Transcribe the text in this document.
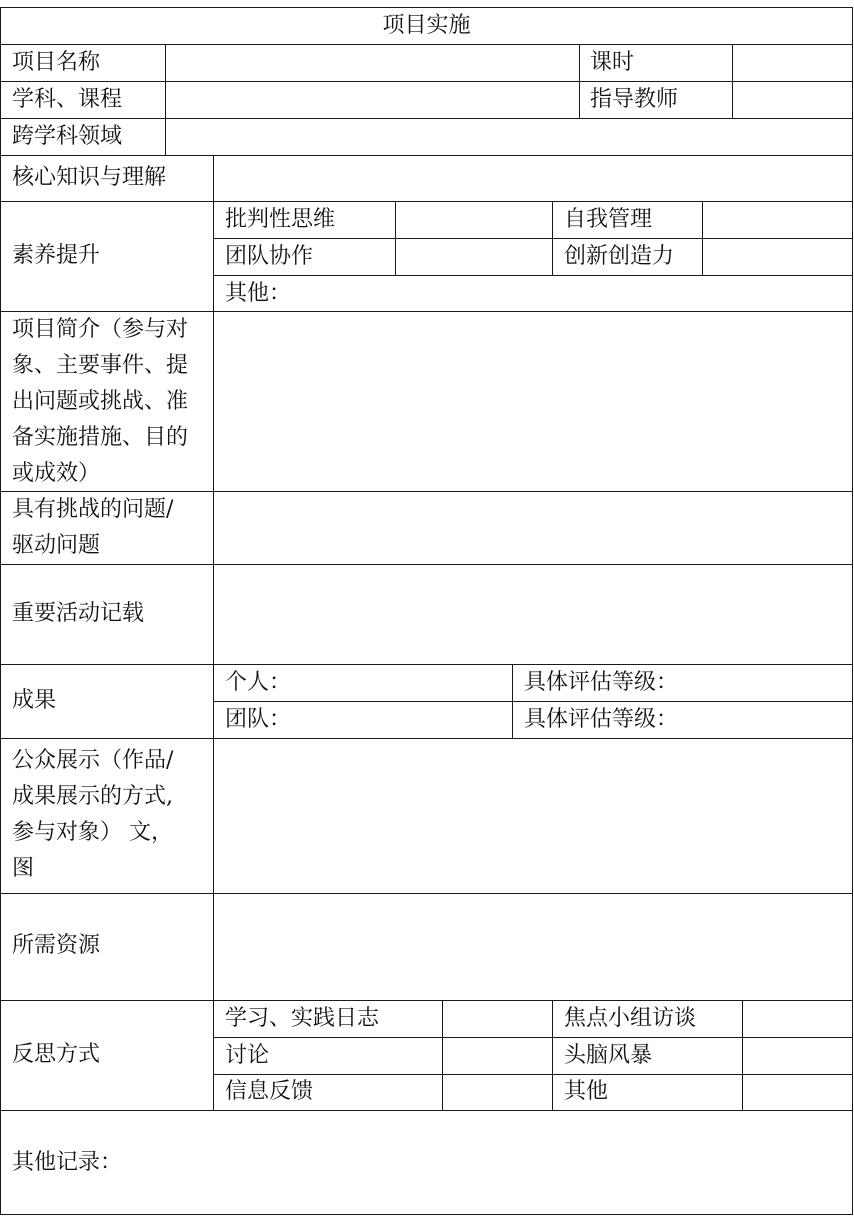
项目实施
项目名称	课时
学科、课程	指导教师
跨学科领域
核心知识与理解
素养提升
批判性思维	自我管理
团队协作	创新创造力
其他：
项目简介（参与对
象、主要事件、提
出问题或挑战、准
备实施措施、目的
或成效）
具有挑战的问题/
驱动问题
重要活动记载
成果
个人：	具体评估等级：
团队：	具体评估等级：
公众展示（作品/
成果展示的方式,
参与对象） 文，
图
所需资源
反思方式
学习、实践日志	焦点小组访谈
讨论	头脑风暴
信息反馈	其他
其他记录：
